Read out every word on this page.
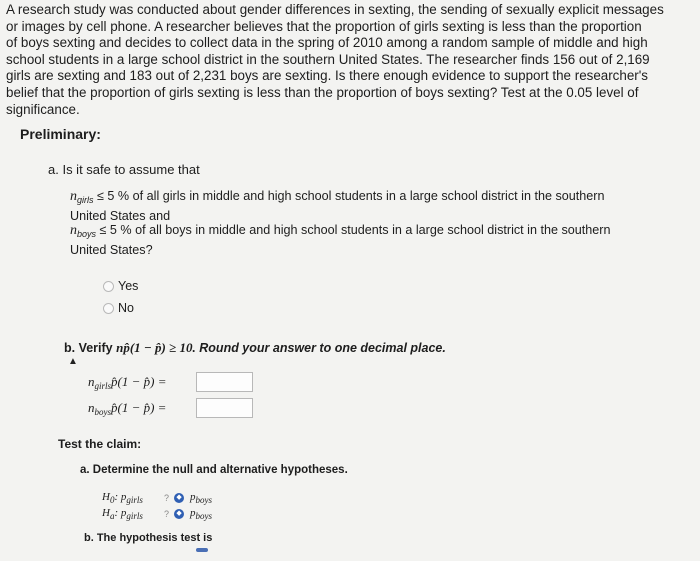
A research study was conducted about gender differences in sexting, the sending of sexually explicit messages
or images by cell phone. A researcher believes that the proportion of girls sexting is less than the proportion
of boys sexting and decides to collect data in the spring of 2010 among a random sample of middle and high
school students in a large school district in the southern United States. The researcher finds 156 out of 2,169
girls are sexting and 183 out of 2,231 boys are sexting. Is there enough evidence to support the researcher's
belief that the proportion of girls sexting is less than the proportion of boys sexting? Test at the 0.05 level of
significance.
Preliminary:
a. Is it safe to assume that
$n_{girls} \le 5$ % of all girls in middle and high school students in a large school district in the southern
United States and
$n_{boys} \le 5$ % of all boys in middle and high school students in a large school district in the southern
United States?
Yes
No
b. Verify np̂(1 − p̂) ≥ 10. Round your answer to one decimal place.
▲
$n_{girls}p̂(1$ − p̂) =
$n_{boys}p̂(1$ − p̂) =
Test the claim:
a. Determine the null and alternative hypotheses.
$H_0$: $p_{girls}$	?	◆ $p_{boys}$
$H_a$: $p_{girls}$	?	◆ $p_{boys}$
b. The hypothesis test is
